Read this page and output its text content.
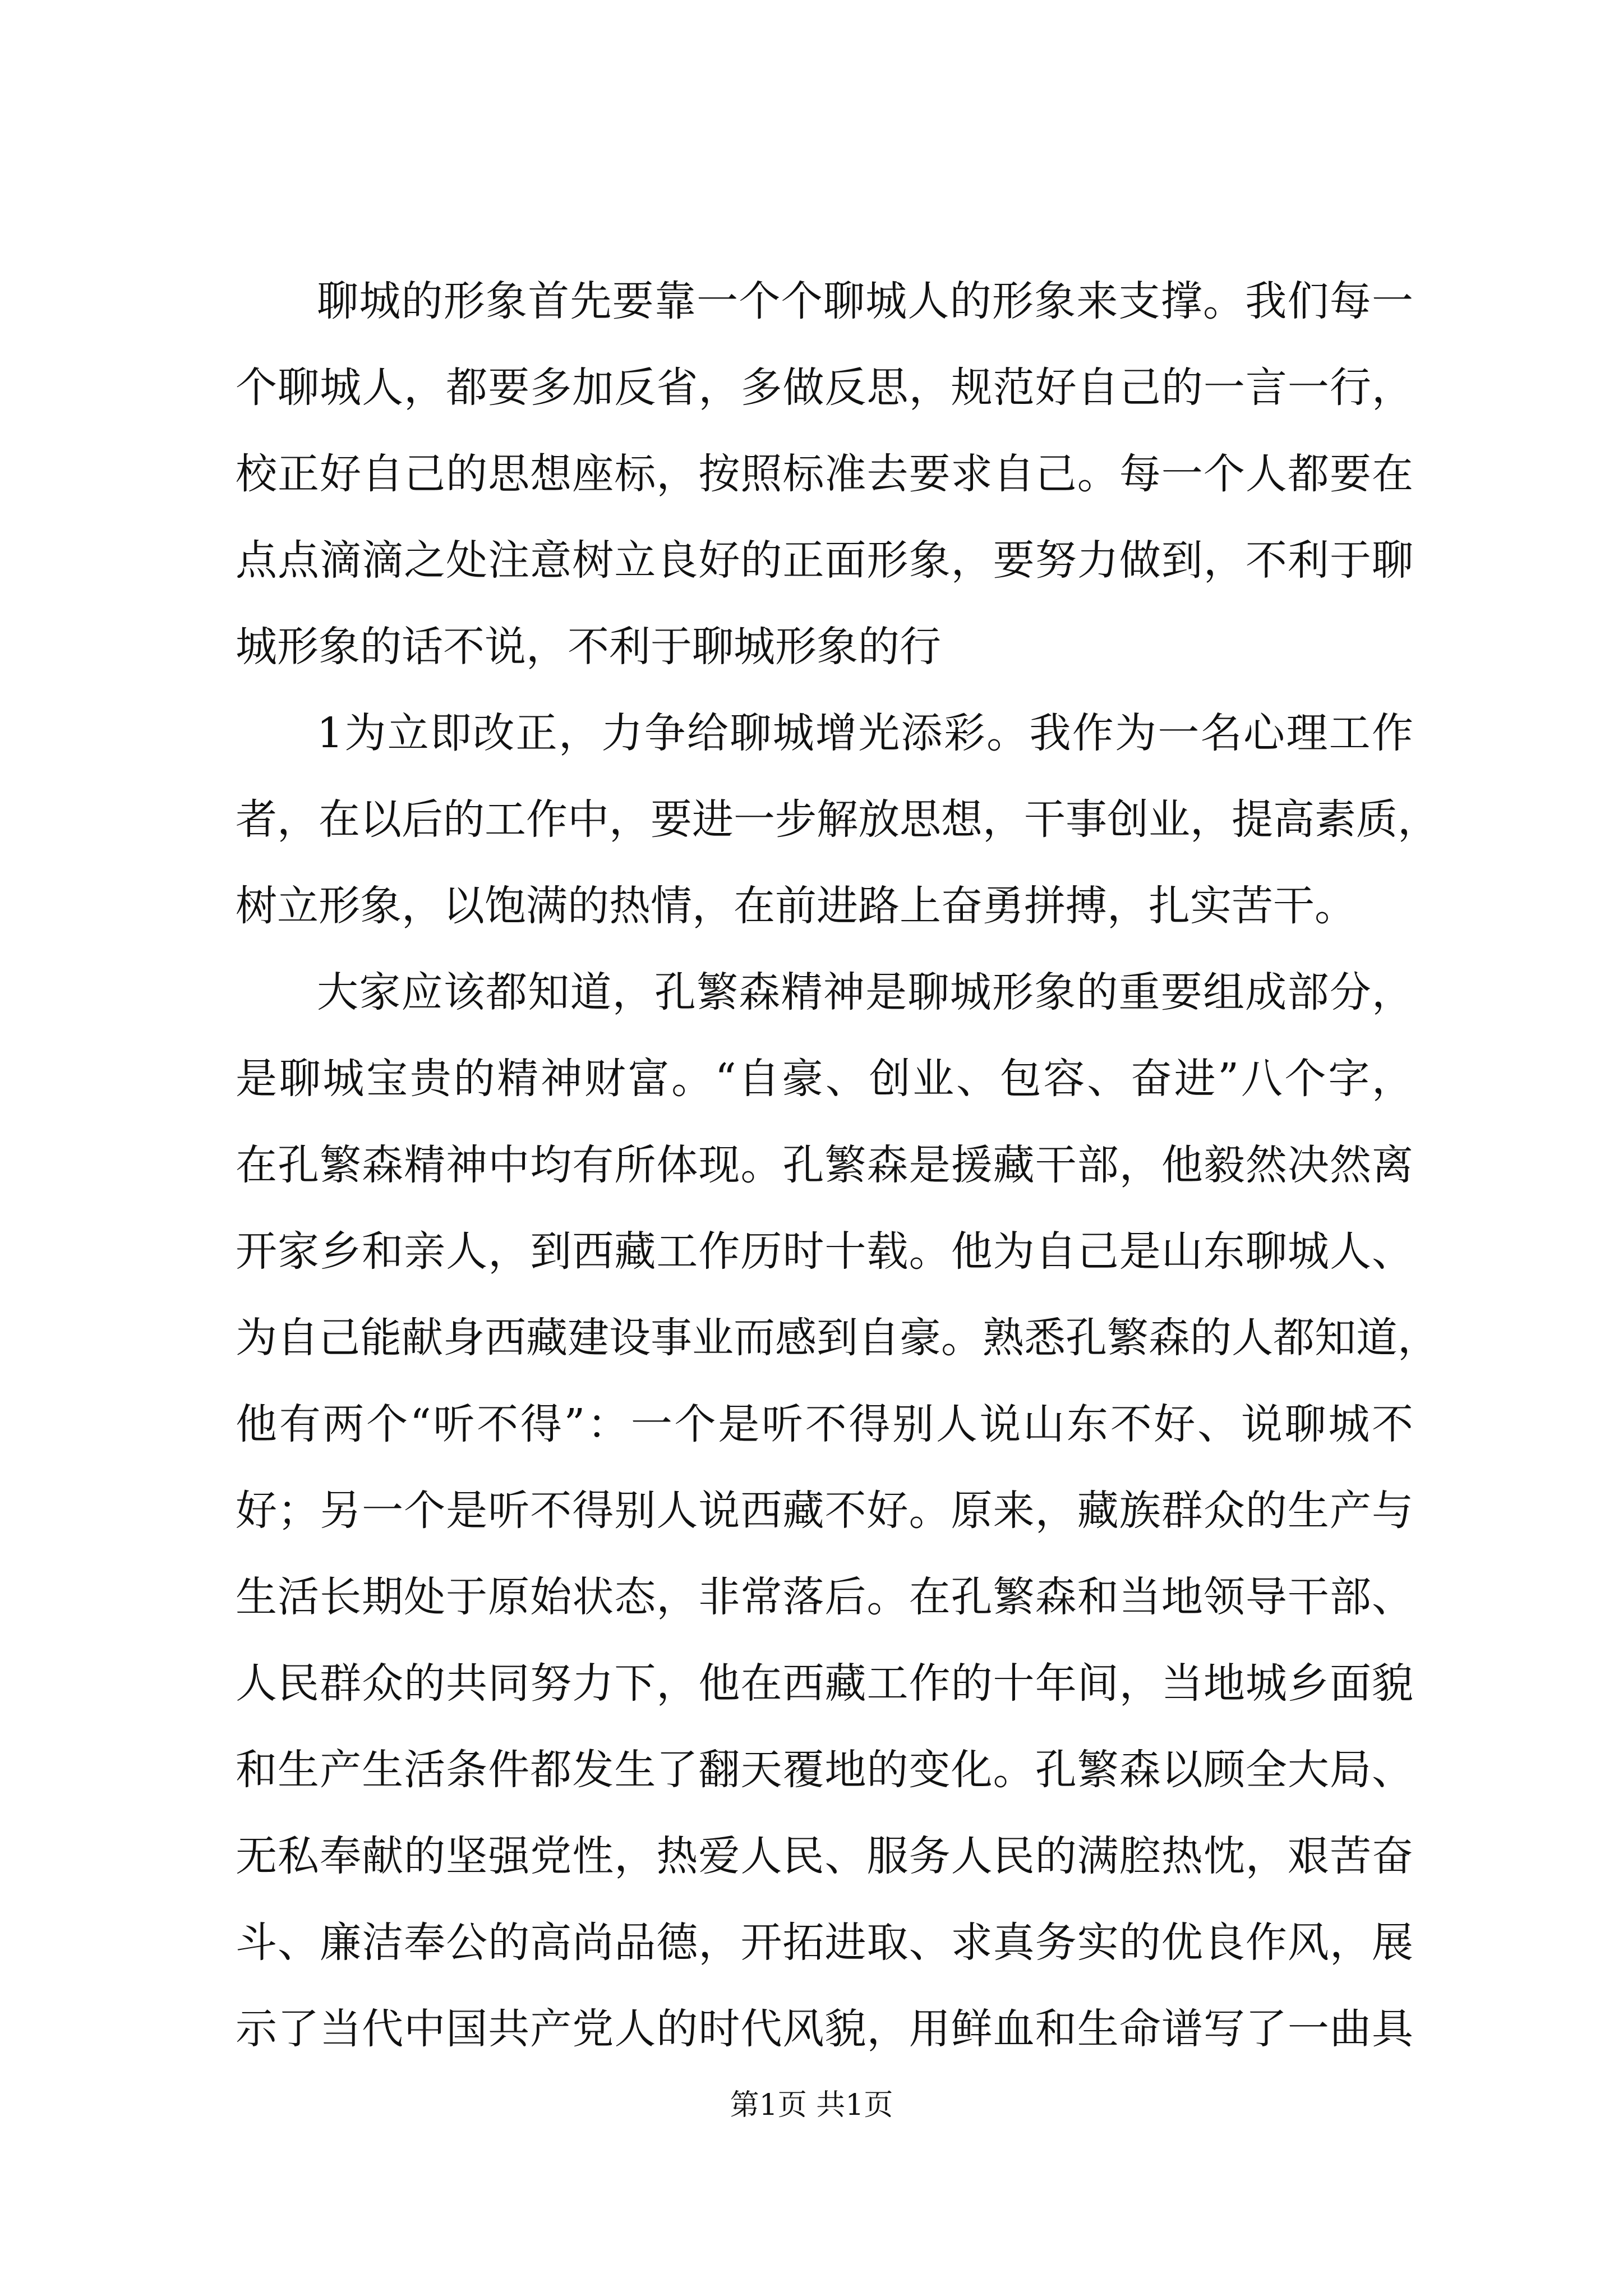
聊城的形象首先要靠一个个聊城人的形象来支撑。我们每一
个聊城人，都要多加反省，多做反思，规范好自己的一言一行，
校正好自己的思想座标，按照标准去要求自己。每一个人都要在
点点滴滴之处注意树立良好的正面形象，要努力做到，不利于聊
城形象的话不说，不利于聊城形象的行
1为立即改正，力争给聊城增光添彩。我作为一名心理工作
者，在以后的工作中，要进一步解放思想，干事创业，提高素质，
树立形象，以饱满的热情，在前进路上奋勇拼搏，扎实苦干。
大家应该都知道，孔繁森精神是聊城形象的重要组成部分，
是聊城宝贵的精神财富。“自豪、创业、包容、奋进”八个字，
在孔繁森精神中均有所体现。孔繁森是援藏干部，他毅然决然离
开家乡和亲人，到西藏工作历时十载。他为自己是山东聊城人、
为自己能献身西藏建设事业而感到自豪。熟悉孔繁森的人都知道，
他有两个“听不得”：一个是听不得别人说山东不好、说聊城不
好；另一个是听不得别人说西藏不好。原来，藏族群众的生产与
生活长期处于原始状态，非常落后。在孔繁森和当地领导干部、
人民群众的共同努力下，他在西藏工作的十年间，当地城乡面貌
和生产生活条件都发生了翻天覆地的变化。孔繁森以顾全大局、
无私奉献的坚强党性，热爱人民、服务人民的满腔热忱，艰苦奋
斗、廉洁奉公的高尚品德，开拓进取、求真务实的优良作风，展
示了当代中国共产党人的时代风貌，用鲜血和生命谱写了一曲具
第1页 共1页
